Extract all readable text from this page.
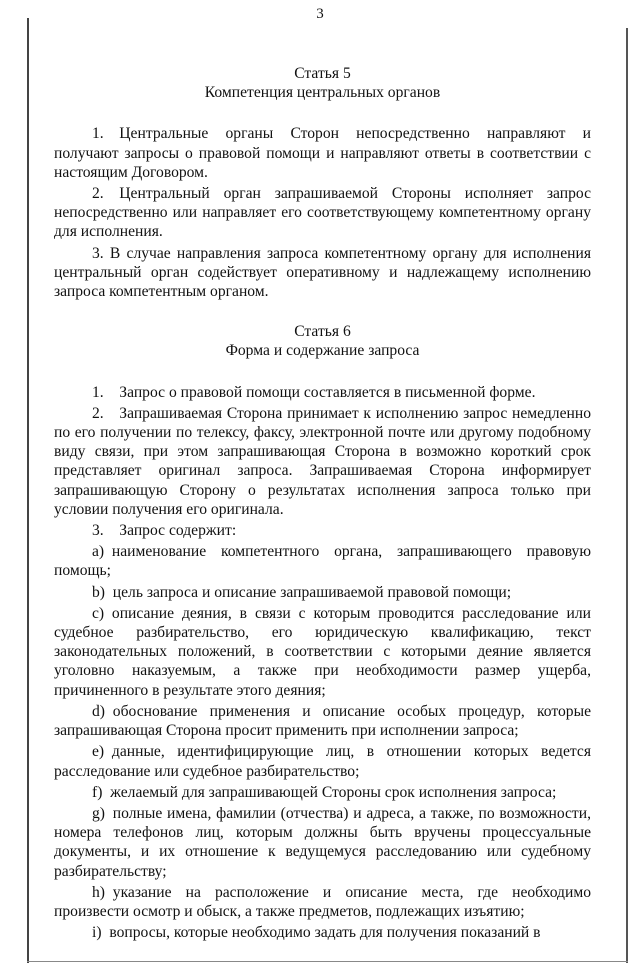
3

Статья 5

Компетенция центральных органов

1. Центральные органы Сторон непосредственно направляют и получают запросы о правовой помощи и направляют ответы в соответствии с настоящим Договором.

2. Центральный орган запрашиваемой Стороны исполняет запрос непосредственно или направляет его соответствующему компетентному органу для исполнения.

3. В случае направления запроса компетентному органу для исполнения центральный орган содействует оперативному и надлежащему исполнению запроса компетентным органом.

Статья 6

Форма и содержание запроса

1. Запрос о правовой помощи составляется в письменной форме.

2. Запрашиваемая Сторона принимает к исполнению запрос немедленно по его получении по телексу, факсу, электронной почте или другому подобному виду связи, при этом запрашивающая Сторона в возможно короткий срок представляет оригинал запроса. Запрашиваемая Сторона информирует запрашивающую Сторону о результатах исполнения запроса только при условии получения его оригинала.

3. Запрос содержит:

a) наименование компетентного органа, запрашивающего правовую помощь;

b) цель запроса и описание запрашиваемой правовой помощи;

c) описание деяния, в связи с которым проводится расследование или судебное разбирательство, его юридическую квалификацию, текст законодательных положений, в соответствии с которыми деяние является уголовно наказуемым, а также при необходимости размер ущерба, причиненного в результате этого деяния;

d) обоснование применения и описание особых процедур, которые запрашивающая Сторона просит применить при исполнении запроса;

e) данные, идентифицирующие лиц, в отношении которых ведется расследование или судебное разбирательство;

f) желаемый для запрашивающей Стороны срок исполнения запроса;

g) полные имена, фамилии (отчества) и адреса, а также, по возможности, номера телефонов лиц, которым должны быть вручены процессуальные документы, и их отношение к ведущемуся расследованию или судебному разбирательству;

h) указание на расположение и описание места, где необходимо произвести осмотр и обыск, а также предметов, подлежащих изъятию;

i) вопросы, которые необходимо задать для получения показаний в
